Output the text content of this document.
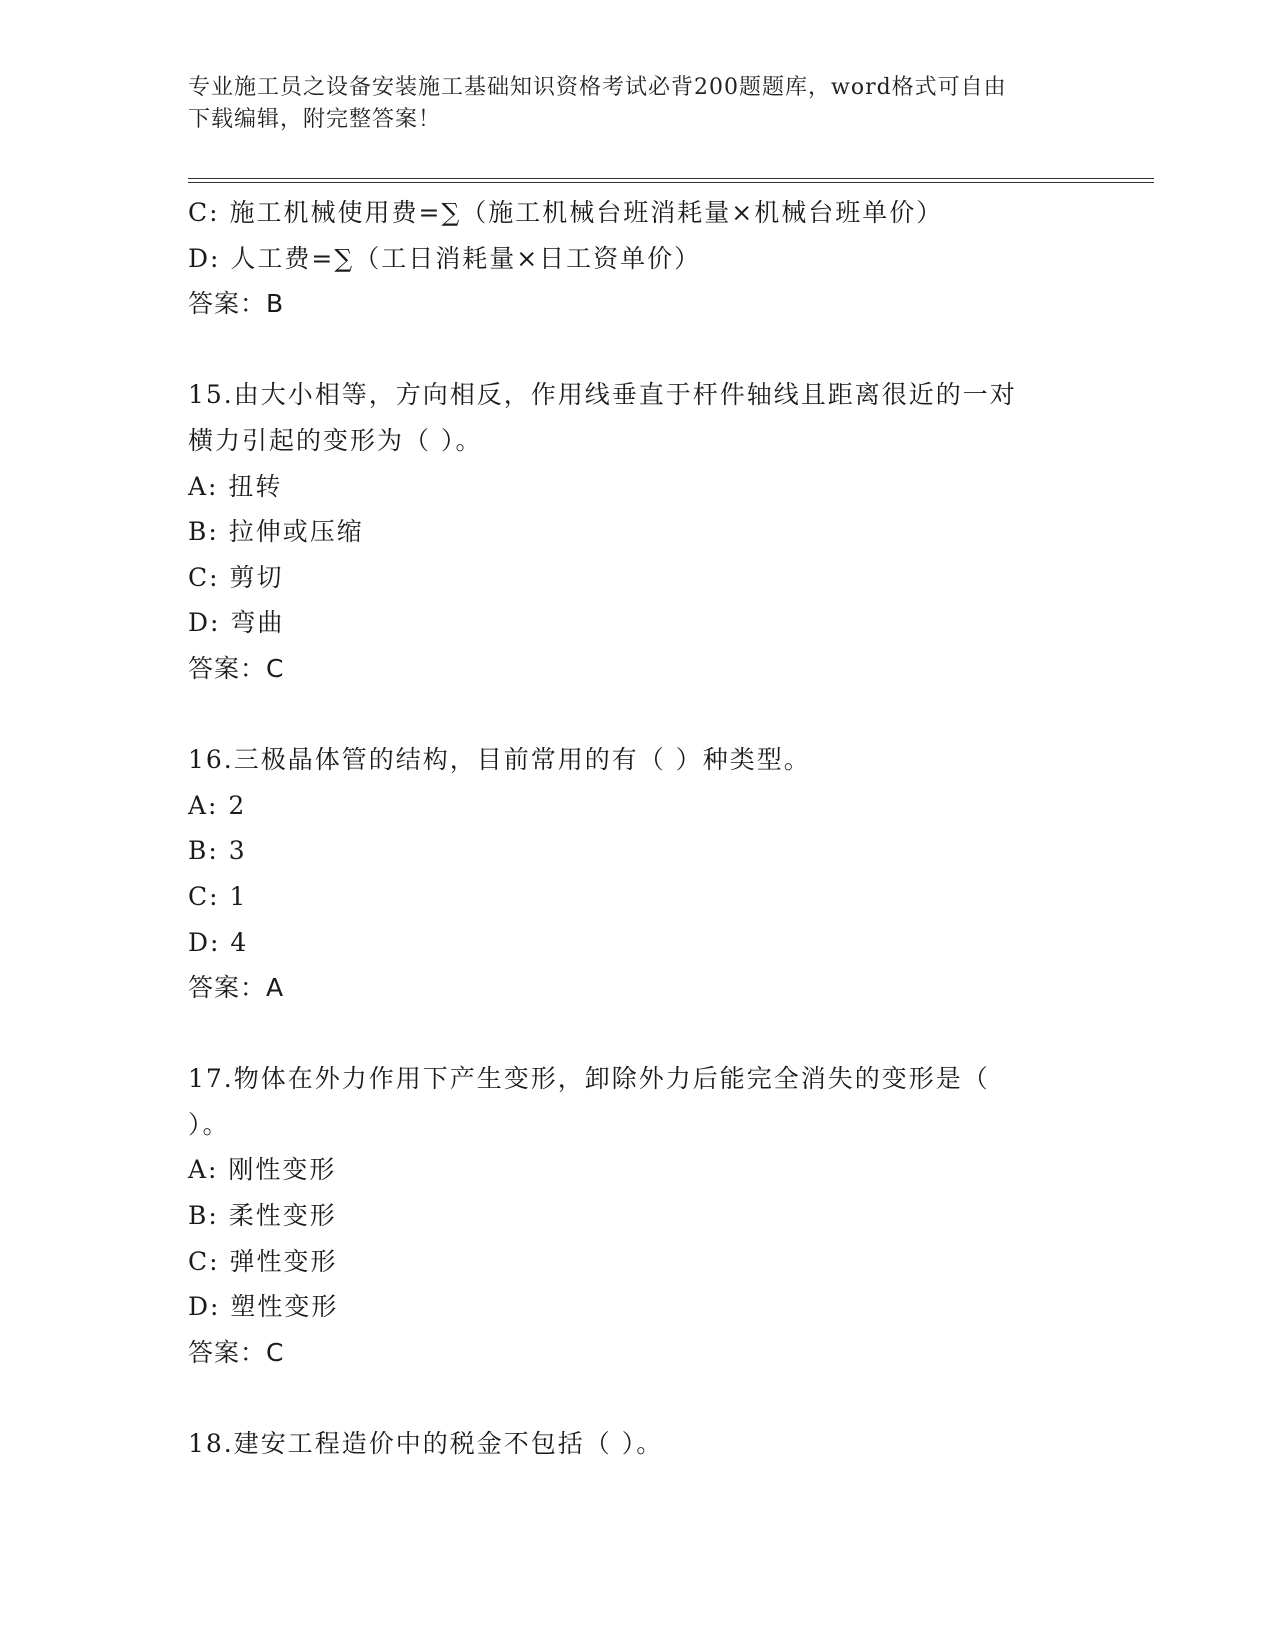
专业施工员之设备安装施工基础知识资格考试必背200题题库，word格式可自由
下载编辑，附完整答案！
C: 施工机械使用费=∑（施工机械台班消耗量×机械台班单价）
D: 人工费=∑（工日消耗量×日工资单价）
答案：B
15.由大小相等，方向相反，作用线垂直于杆件轴线且距离很近的一对
横力引起的变形为（ ）。
A: 扭转
B: 拉伸或压缩
C: 剪切
D: 弯曲
答案：C
16.三极晶体管的结构，目前常用的有（ ）种类型。
A: 2
B: 3
C: 1
D: 4
答案：A
17.物体在外力作用下产生变形，卸除外力后能完全消失的变形是（
）。
A: 刚性变形
B: 柔性变形
C: 弹性变形
D: 塑性变形
答案：C
18.建安工程造价中的税金不包括（ ）。
